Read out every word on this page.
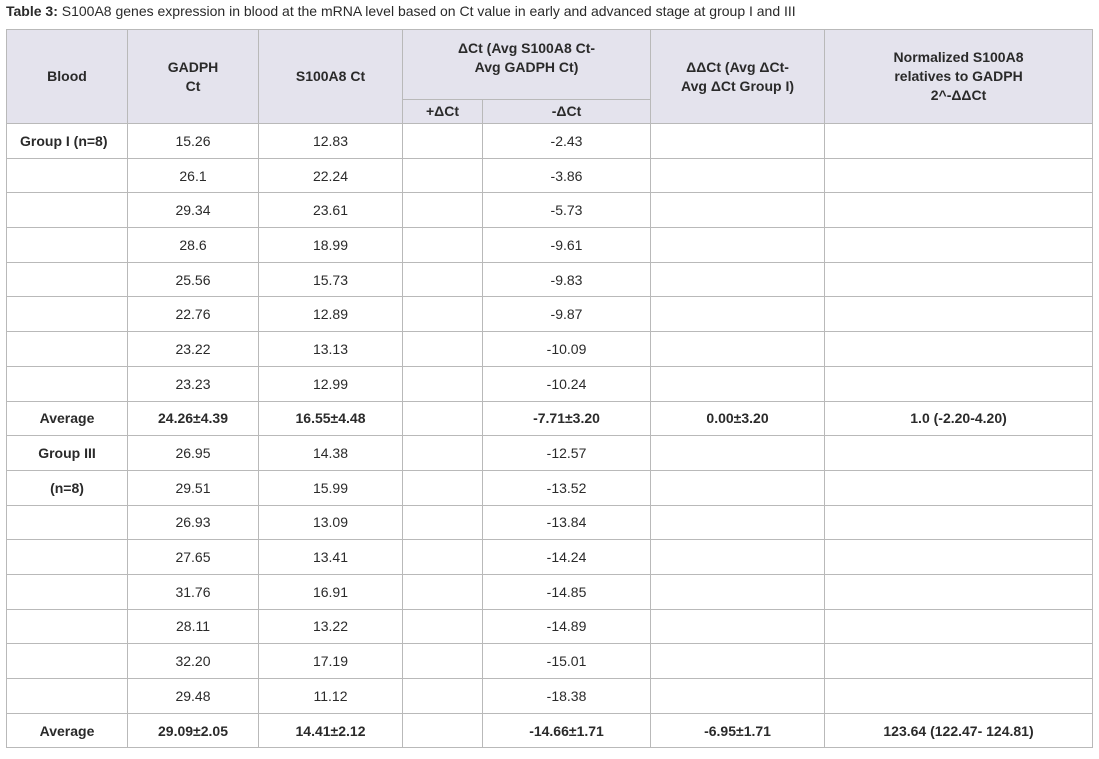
Table 3: S100A8 genes expression in blood at the mRNA level based on Ct value in early and advanced stage at group I and III
Blood	GADPH Ct	S100A8 Ct	ΔCt (Avg S100A8 Ct- Avg GADPH Ct)		ΔΔCt (Avg ΔCt- Avg ΔCt Group I)	Normalized S100A8 relatives to GADPH 2^-ΔΔCt
			+ΔCt	-ΔCt		
Group I (n=8)	15.26	12.83		-2.43		
	26.1	22.24		-3.86		
	29.34	23.61		-5.73		
	28.6	18.99		-9.61		
	25.56	15.73		-9.83		
	22.76	12.89		-9.87		
	23.22	13.13		-10.09		
	23.23	12.99		-10.24		
Average	24.26±4.39	16.55±4.48		-7.71±3.20	0.00±3.20	1.0 (-2.20-4.20)
Group III	26.95	14.38		-12.57		
(n=8)	29.51	15.99		-13.52		
	26.93	13.09		-13.84		
	27.65	13.41		-14.24		
	31.76	16.91		-14.85		
	28.11	13.22		-14.89		
	32.20	17.19		-15.01		
	29.48	11.12		-18.38		
Average	29.09±2.05	14.41±2.12		-14.66±1.71	-6.95±1.71	123.64 (122.47- 124.81)
